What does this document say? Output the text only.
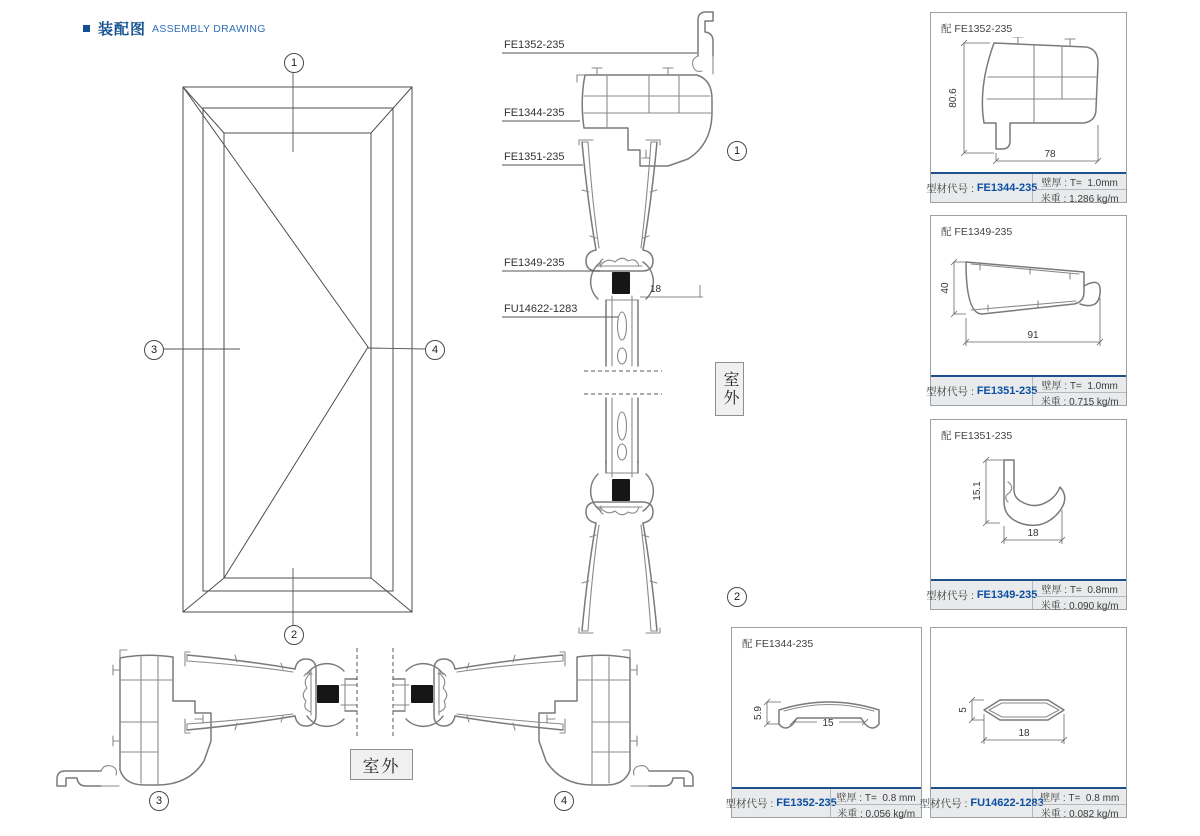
装配图 ASSEMBLY DRAWING
FE1352-235
FE1344-235
FE1351-235
FE1349-235
FU14622-1283
18
室外
室外
1
2
3	4
1
2
3	4
配 FE1352-235
80.6
78
型材代号 : FE1344-235 壁厚 : T=  1.0mm
米重 : 1.286 kg/m
配 FE1349-235
40
91
型材代号 : FE1351-235 壁厚 : T=  1.0mm
米重 : 0.715 kg/m
配 FE1351-235
15.1
18
型材代号 : FE1349-235 壁厚 : T=  0.8mm
米重 : 0.090 kg/m
配 FE1344-235
5.9
15
型材代号 : FE1352-235 壁厚 : T=  0.8 mm
米重 : 0.056 kg/m
5
18
型材代号 : FU14622-1283
壁厚 : T=  0.8 mm
米重 : 0.082 kg/m
